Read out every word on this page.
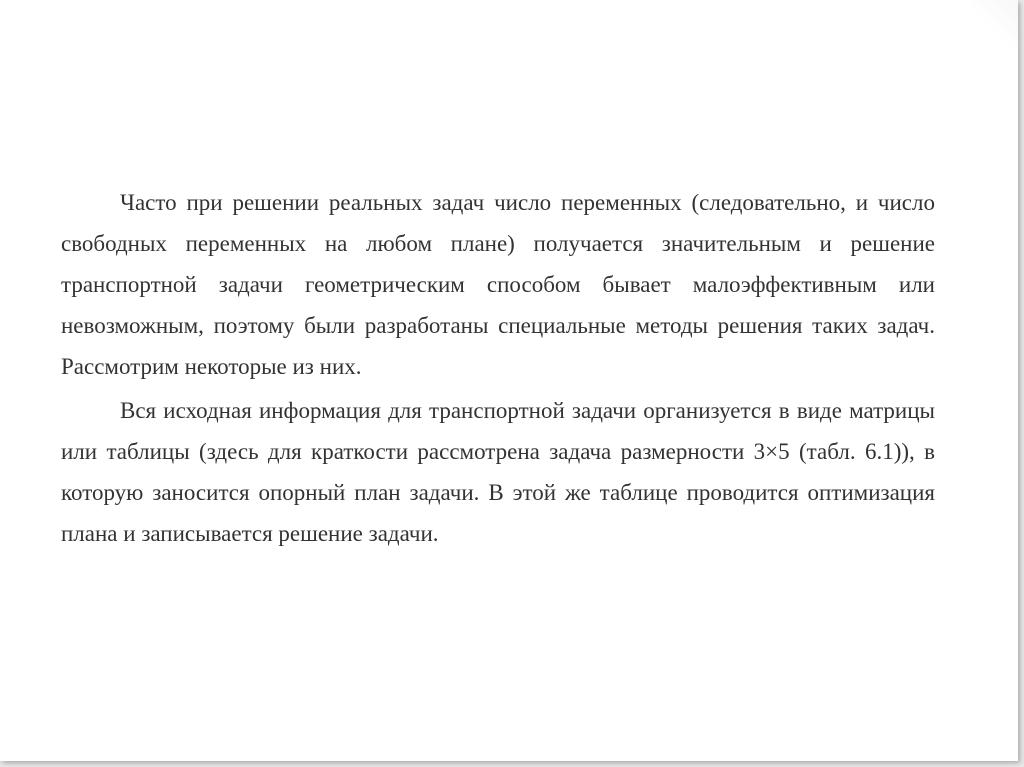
Часто при решении реальных задач число переменных (следовательно, и число свободных переменных на любом плане) получается значительным и решение транспортной задачи геометрическим способом бывает малоэффективным или невозможным, поэтому были разработаны специальные методы решения таких задач. Рассмотрим некоторые из них.

Вся исходная информация для транспортной задачи организуется в виде матрицы или таблицы (здесь для краткости рассмотрена задача размерности 3×5 (табл. 6.1)), в которую заносится опорный план задачи. В этой же таблице проводится оптимизация плана и записывается решение задачи.
